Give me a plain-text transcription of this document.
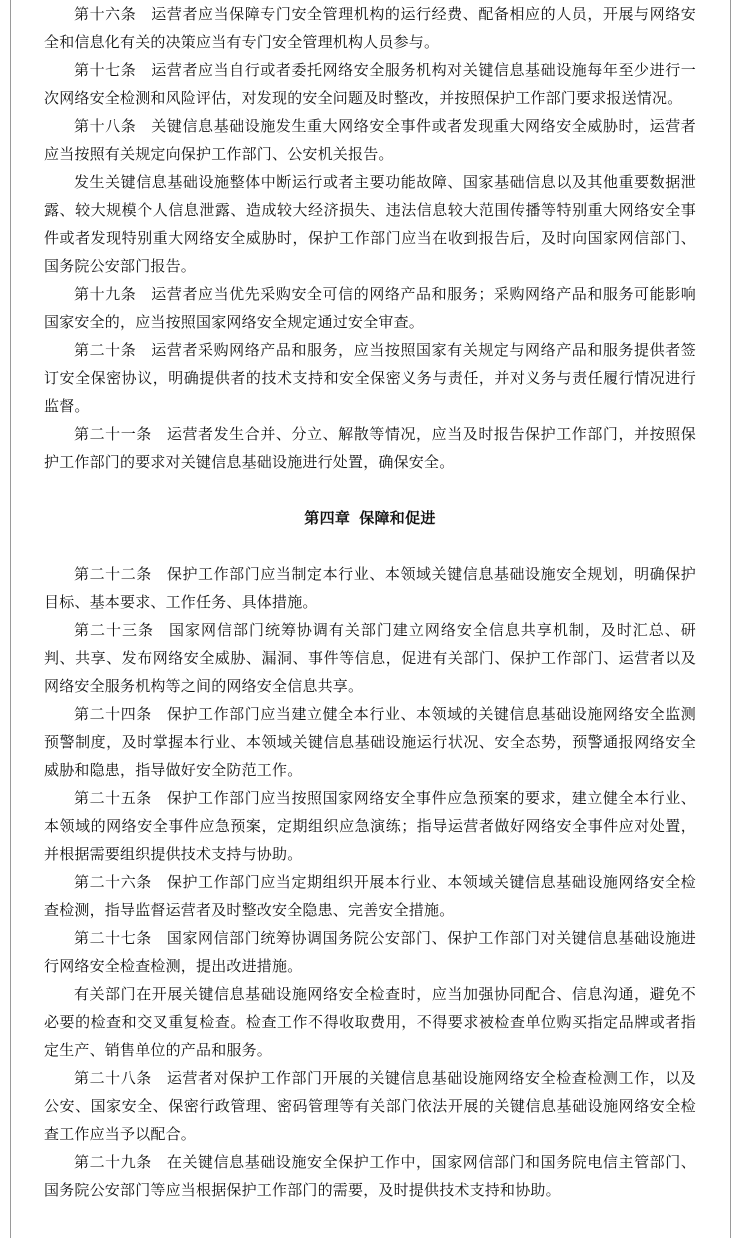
第十六条 运营者应当保障专门安全管理机构的运行经费、配备相应的人员，开展与网络安全和信息化有关的决策应当有专门安全管理机构人员参与。

第十七条 运营者应当自行或者委托网络安全服务机构对关键信息基础设施每年至少进行一次网络安全检测和风险评估，对发现的安全问题及时整改，并按照保护工作部门要求报送情况。

第十八条 关键信息基础设施发生重大网络安全事件或者发现重大网络安全威胁时，运营者应当按照有关规定向保护工作部门、公安机关报告。

发生关键信息基础设施整体中断运行或者主要功能故障、国家基础信息以及其他重要数据泄露、较大规模个人信息泄露、造成较大经济损失、违法信息较大范围传播等特别重大网络安全事件或者发现特别重大网络安全威胁时，保护工作部门应当在收到报告后，及时向国家网信部门、国务院公安部门报告。

第十九条 运营者应当优先采购安全可信的网络产品和服务；采购网络产品和服务可能影响国家安全的，应当按照国家网络安全规定通过安全审查。

第二十条 运营者采购网络产品和服务，应当按照国家有关规定与网络产品和服务提供者签订安全保密协议，明确提供者的技术支持和安全保密义务与责任，并对义务与责任履行情况进行监督。

第二十一条 运营者发生合并、分立、解散等情况，应当及时报告保护工作部门，并按照保护工作部门的要求对关键信息基础设施进行处置，确保安全。

第四章 保障和促进

第二十二条 保护工作部门应当制定本行业、本领域关键信息基础设施安全规划，明确保护目标、基本要求、工作任务、具体措施。

第二十三条 国家网信部门统筹协调有关部门建立网络安全信息共享机制，及时汇总、研判、共享、发布网络安全威胁、漏洞、事件等信息，促进有关部门、保护工作部门、运营者以及网络安全服务机构等之间的网络安全信息共享。

第二十四条 保护工作部门应当建立健全本行业、本领域的关键信息基础设施网络安全监测预警制度，及时掌握本行业、本领域关键信息基础设施运行状况、安全态势，预警通报网络安全威胁和隐患，指导做好安全防范工作。

第二十五条 保护工作部门应当按照国家网络安全事件应急预案的要求，建立健全本行业、本领域的网络安全事件应急预案，定期组织应急演练；指导运营者做好网络安全事件应对处置，并根据需要组织提供技术支持与协助。

第二十六条 保护工作部门应当定期组织开展本行业、本领域关键信息基础设施网络安全检查检测，指导监督运营者及时整改安全隐患、完善安全措施。

第二十七条 国家网信部门统筹协调国务院公安部门、保护工作部门对关键信息基础设施进行网络安全检查检测，提出改进措施。

有关部门在开展关键信息基础设施网络安全检查时，应当加强协同配合、信息沟通，避免不必要的检查和交叉重复检查。检查工作不得收取费用，不得要求被检查单位购买指定品牌或者指定生产、销售单位的产品和服务。

第二十八条 运营者对保护工作部门开展的关键信息基础设施网络安全检查检测工作，以及公安、国家安全、保密行政管理、密码管理等有关部门依法开展的关键信息基础设施网络安全检查工作应当予以配合。

第二十九条 在关键信息基础设施安全保护工作中，国家网信部门和国务院电信主管部门、国务院公安部门等应当根据保护工作部门的需要，及时提供技术支持和协助。
